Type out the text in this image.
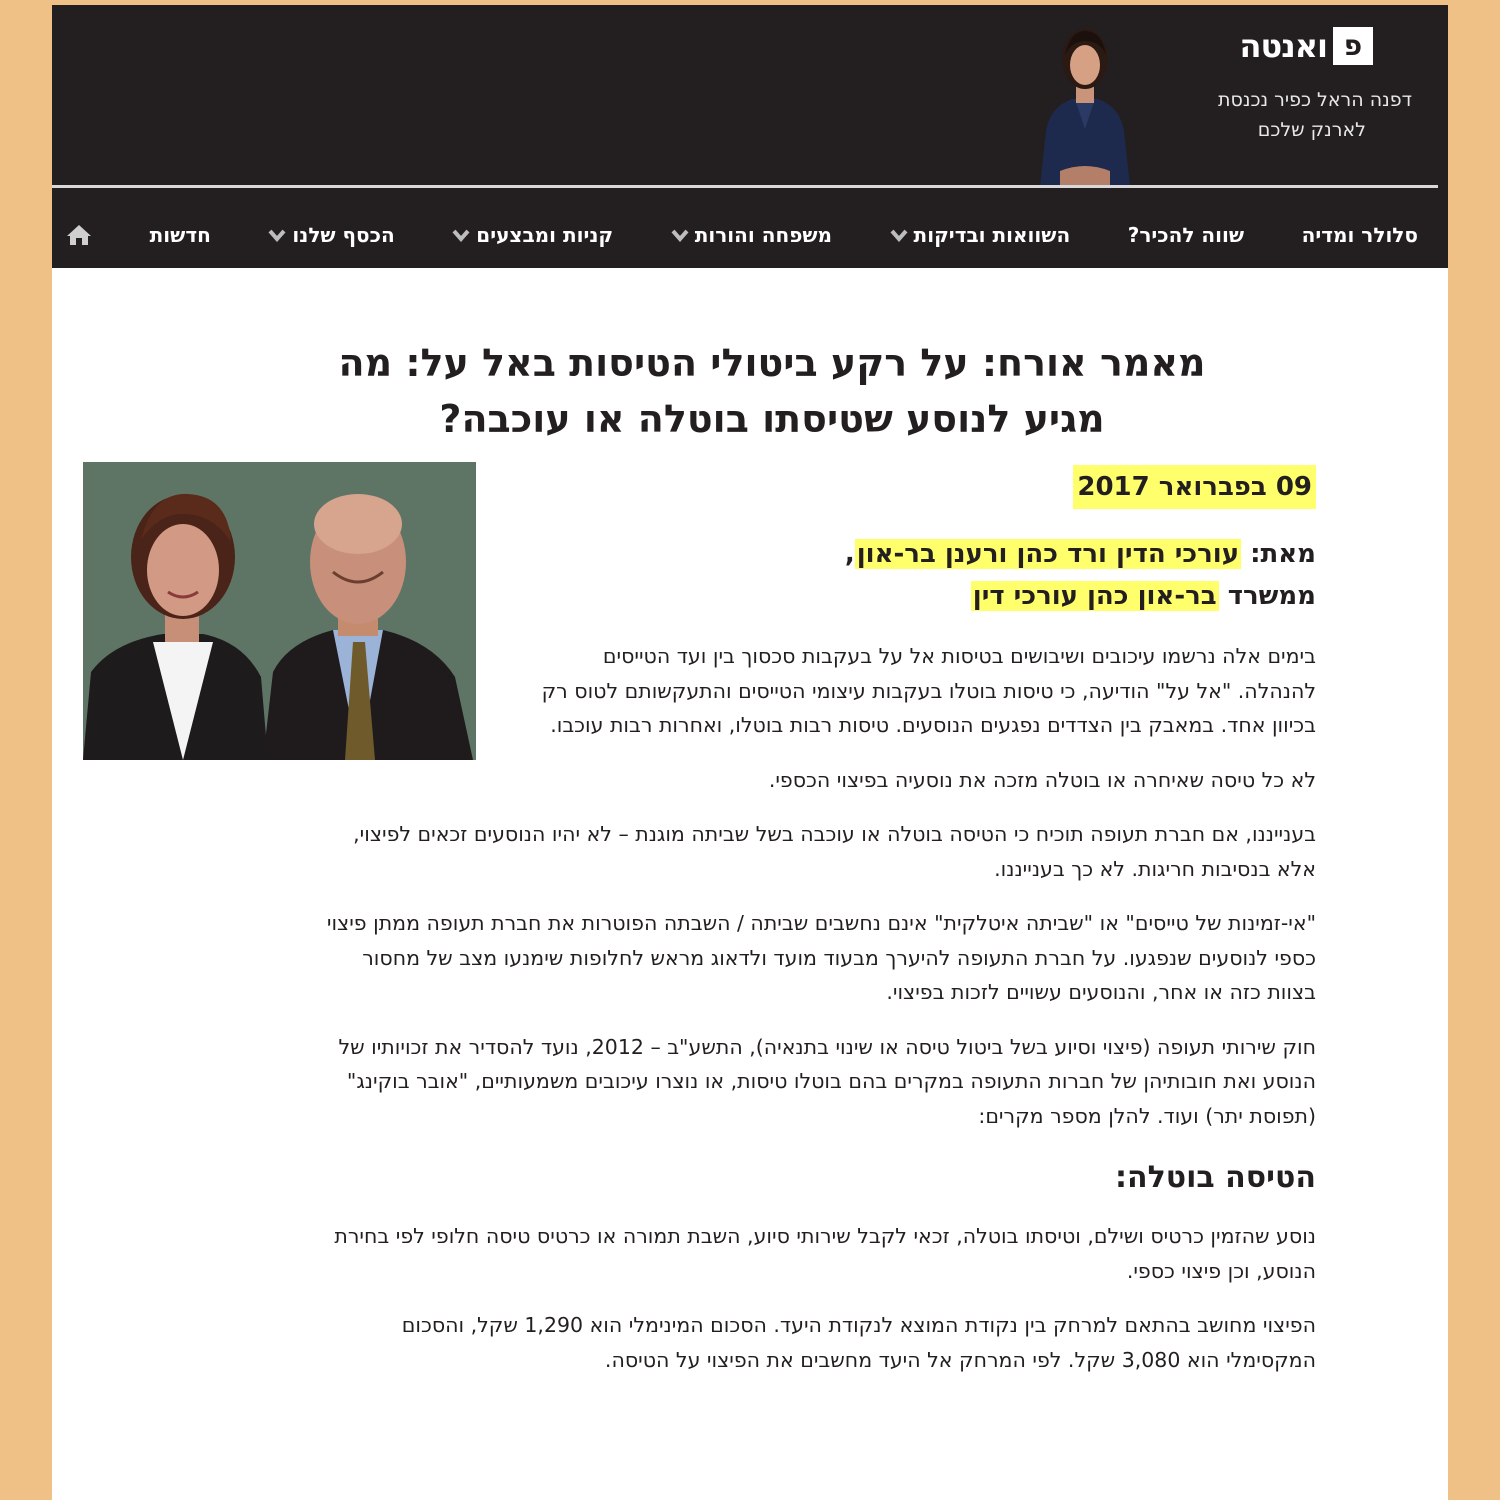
פ
ואנטה
דפנה הראל כפיר נכנסת
לארנק שלכם
חדשות	הכסף שלנו	קניות ומבצעים	משפחה והורות	השוואות ובדיקות	שווה להכיר?	סלולר ומדיה
מאמר אורח: על רקע ביטולי הטיסות באל על: מה
מגיע לנוסע שטיסתו בוטלה או עוכבה?
09 בפברואר 2017
מאת: עורכי הדין ורד כהן ורענן בר-און,
ממשרד בר-און כהן עורכי דין

בימים אלה נרשמו עיכובים ושיבושים בטיסות אל על בעקבות סכסוך בין ועד הטייסים להנהלה. "אל על" הודיעה, כי טיסות בוטלו בעקבות עיצומי הטייסים והתעקשותם לטוס רק בכיוון אחד. במאבק בין הצדדים נפגעים הנוסעים. טיסות רבות בוטלו, ואחרות רבות עוכבו.

לא כל טיסה שאיחרה או בוטלה מזכה את נוסעיה בפיצוי הכספי.

בענייננו, אם חברת תעופה תוכיח כי הטיסה בוטלה או עוכבה בשל שביתה מוגנת – לא יהיו הנוסעים זכאים לפיצוי, אלא בנסיבות חריגות. לא כך בענייננו.

"אי-זמינות של טייסים" או "שביתה איטלקית" אינם נחשבים שביתה / השבתה הפוטרות את חברת תעופה ממתן פיצוי כספי לנוסעים שנפגעו. על חברת התעופה להיערך מבעוד מועד ולדאוג מראש לחלופות שימנעו מצב של מחסור בצוות כזה או אחר, והנוסעים עשויים לזכות בפיצוי.

חוק שירותי תעופה (פיצוי וסיוע בשל ביטול טיסה או שינוי בתנאיה), התשע"ב – 2012, נועד להסדיר את זכויותיו של הנוסע ואת חובותיהן של חברות התעופה במקרים בהם בוטלו טיסות, או נוצרו עיכובים משמעותיים, "אובר בוקינג" (תפוסת יתר) ועוד. להלן מספר מקרים:

הטיסה בוטלה:

נוסע שהזמין כרטיס ושילם, וטיסתו בוטלה, זכאי לקבל שירותי סיוע, השבת תמורה או כרטיס טיסה חלופי לפי בחירת הנוסע, וכן פיצוי כספי.

הפיצוי מחושב בהתאם למרחק בין נקודת המוצא לנקודת היעד. הסכום המינימלי הוא 1,290 שקל, והסכום המקסימלי הוא 3,080 שקל. לפי המרחק אל היעד מחשבים את הפיצוי על הטיסה.
